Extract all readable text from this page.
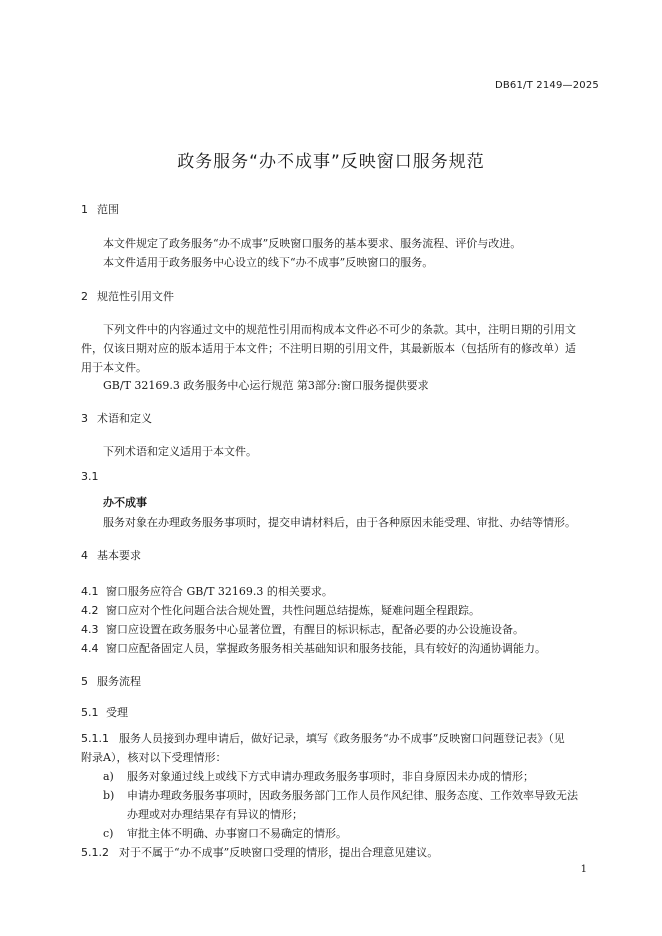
DB61/T 2149—2025
政务服务“办不成事”反映窗口服务规范
1 范围
本文件规定了政务服务“办不成事”反映窗口服务的基本要求、服务流程、评价与改进。
本文件适用于政务服务中心设立的线下“办不成事”反映窗口的服务。
2 规范性引用文件
下列文件中的内容通过文中的规范性引用而构成本文件必不可少的条款。其中，注明日期的引用文件，仅该日期对应的版本适用于本文件；不注明日期的引用文件，其最新版本（包括所有的修改单）适用于本文件。
GB/T 32169.3 政务服务中心运行规范 第3部分:窗口服务提供要求
3 术语和定义
下列术语和定义适用于本文件。
3.1
办不成事
服务对象在办理政务服务事项时，提交申请材料后，由于各种原因未能受理、审批、办结等情形。
4 基本要求
4.1 窗口服务应符合 GB/T 32169.3 的相关要求。
4.2 窗口应对个性化问题合法合规处置，共性问题总结提炼，疑难问题全程跟踪。
4.3 窗口应设置在政务服务中心显著位置，有醒目的标识标志，配备必要的办公设施设备。
4.4 窗口应配备固定人员，掌握政务服务相关基础知识和服务技能，具有较好的沟通协调能力。
5 服务流程
5.1 受理
5.1.1 服务人员接到办理申请后，做好记录，填写《政务服务“办不成事”反映窗口问题登记表》（见
附录A），核对以下受理情形：
a) 服务对象通过线上或线下方式申请办理政务服务事项时，非自身原因未办成的情形；
b) 申请办理政务服务事项时，因政务服务部门工作人员作风纪律、服务态度、工作效率导致无法
办理或对办理结果存有异议的情形；
c) 审批主体不明确、办事窗口不易确定的情形。
5.1.2 对于不属于“办不成事”反映窗口受理的情形，提出合理意见建议。
1
